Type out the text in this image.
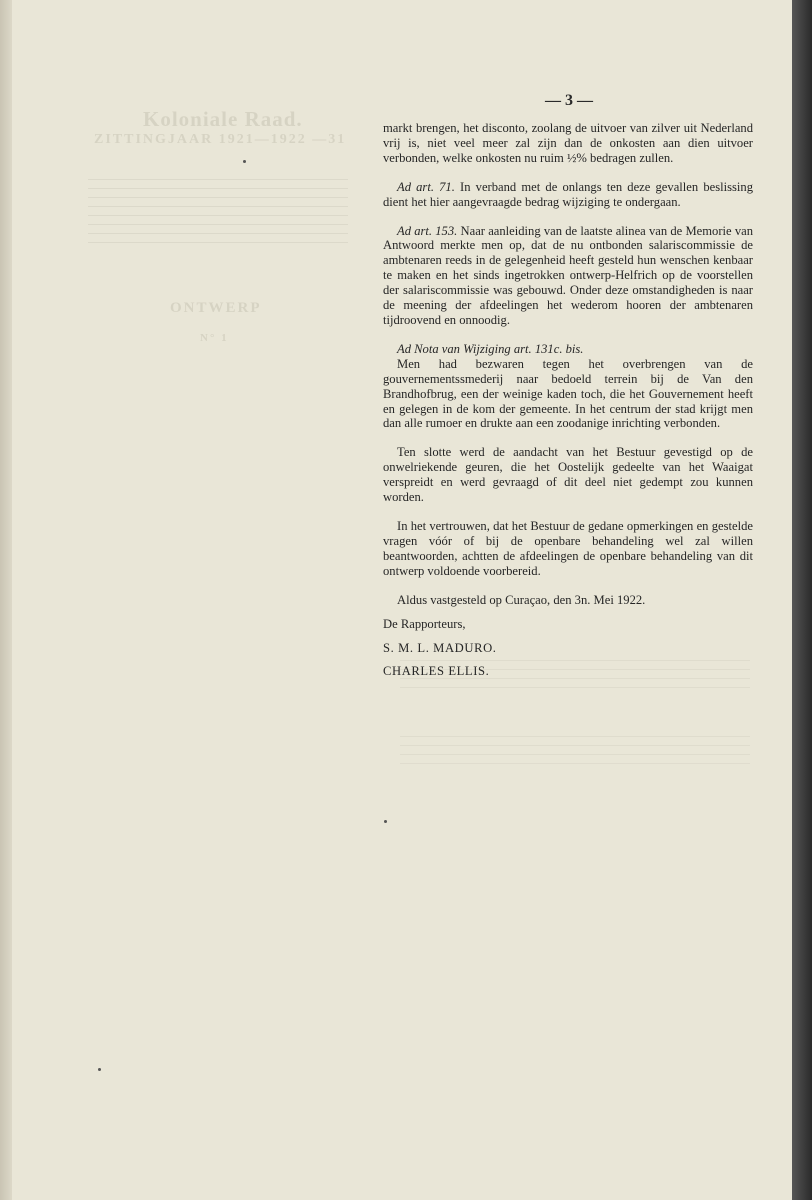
Koloniale Raad.
ZITTINGJAAR 1921—1922 —31
ONTWERP
N° 1
— 3 —

markt brengen, het disconto, zoolang de uitvoer van zilver uit Nederland vrij is, niet veel meer zal zijn dan de onkosten aan dien uitvoer verbonden, welke onkosten nu ruim ½% bedragen zullen.

Ad art. 71. In verband met de onlangs ten deze gevallen beslissing dient het hier aangevraagde bedrag wijziging te ondergaan.

Ad art. 153. Naar aanleiding van de laatste alinea van de Memorie van Antwoord merkte men op, dat de nu ontbonden salariscommissie de ambtenaren reeds in de gelegenheid heeft gesteld hun wenschen kenbaar te maken en het sinds ingetrokken ontwerp-Helfrich op de voorstellen der salariscommissie was gebouwd. Onder deze omstandigheden is naar de meening der afdeelingen het wederom hooren der ambtenaren tijdroovend en onnoodig.

Ad Nota van Wijziging art. 131c. bis.

Men had bezwaren tegen het overbrengen van de gouvernementssmederij naar bedoeld terrein bij de Van den Brandhofbrug, een der weinige kaden toch, die het Gouvernement heeft en gelegen in de kom der gemeente. In het centrum der stad krijgt men dan alle rumoer en drukte aan een zoodanige inrichting verbonden.

Ten slotte werd de aandacht van het Bestuur gevestigd op de onwelriekende geuren, die het Oostelijk gedeelte van het Waaigat verspreidt en werd gevraagd of dit deel niet gedempt zou kunnen worden.

In het vertrouwen, dat het Bestuur de gedane opmerkingen en gestelde vragen vóór of bij de openbare behandeling wel zal willen beantwoorden, achtten de afdeelingen de openbare behandeling van dit ontwerp voldoende voorbereid.

Aldus vastgesteld op Curaçao, den 3n. Mei 1922.

De Rapporteurs,

S. M. L. MADURO.

CHARLES ELLIS.
